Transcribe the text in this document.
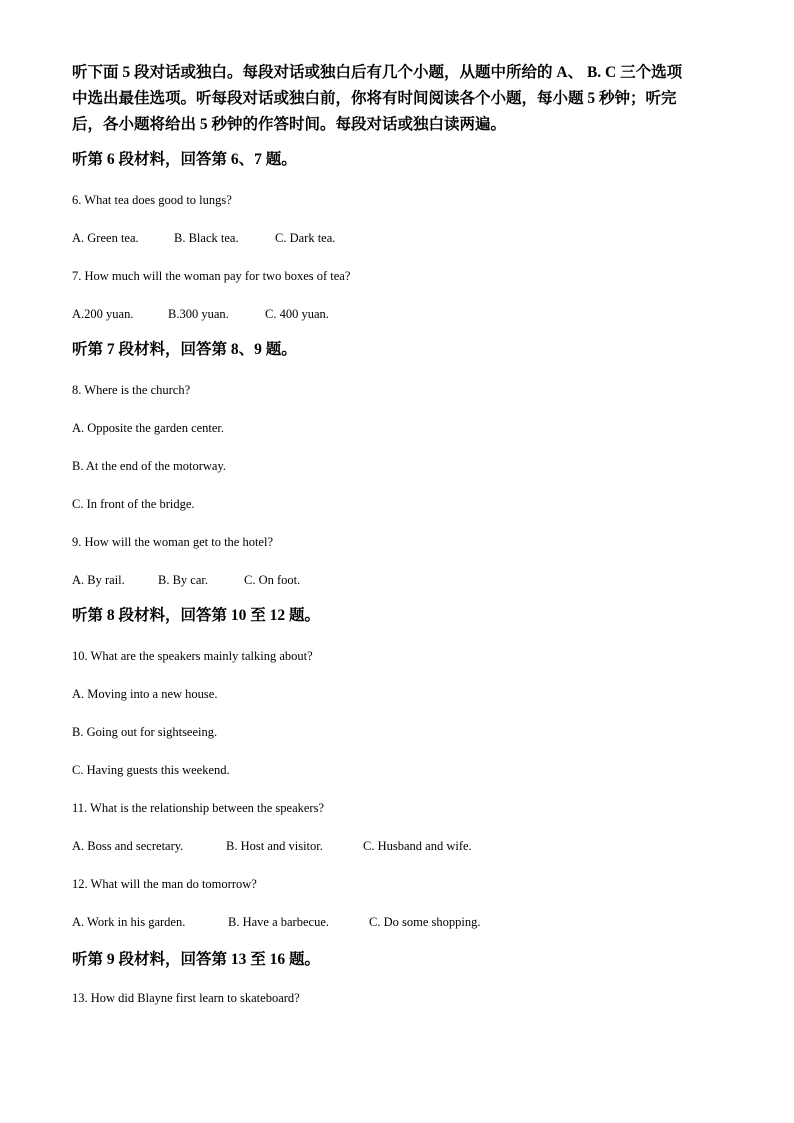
听下面 5 段对话或独白。每段对话或独白后有几个小题，从题中所给的 A、 B. C 三个选项

中选出最佳选项。听每段对话或独白前，你将有时间阅读各个小题，每小题 5 秒钟；听完

后，各小题将给出 5 秒钟的作答时间。每段对话或独白读两遍。

听第 6 段材料，回答第 6、7 题。
6. What tea does good to lungs?
A. Green tea.	B. Black tea.	C. Dark tea.
7. How much will the woman pay for two boxes of tea?
A.200 yuan.	B.300 yuan.	C. 400 yuan.
听第 7 段材料，回答第 8、9 题。
8. Where is the church?
A. Opposite the garden center.
B. At the end of the motorway.
C. In front of the bridge.
9. How will the woman get to the hotel?
A. By rail.	B. By car.	C. On foot.
听第 8 段材料，回答第 10 至 12 题。
10. What are the speakers mainly talking about?
A. Moving into a new house.
B. Going out for sightseeing.
C. Having guests this weekend.
11. What is the relationship between the speakers?
A. Boss and secretary.	B. Host and visitor.	C. Husband and wife.
12. What will the man do tomorrow?
A. Work in his garden.	B. Have a barbecue.	C. Do some shopping.
听第 9 段材料，回答第 13 至 16 题。
13. How did Blayne first learn to skateboard?
